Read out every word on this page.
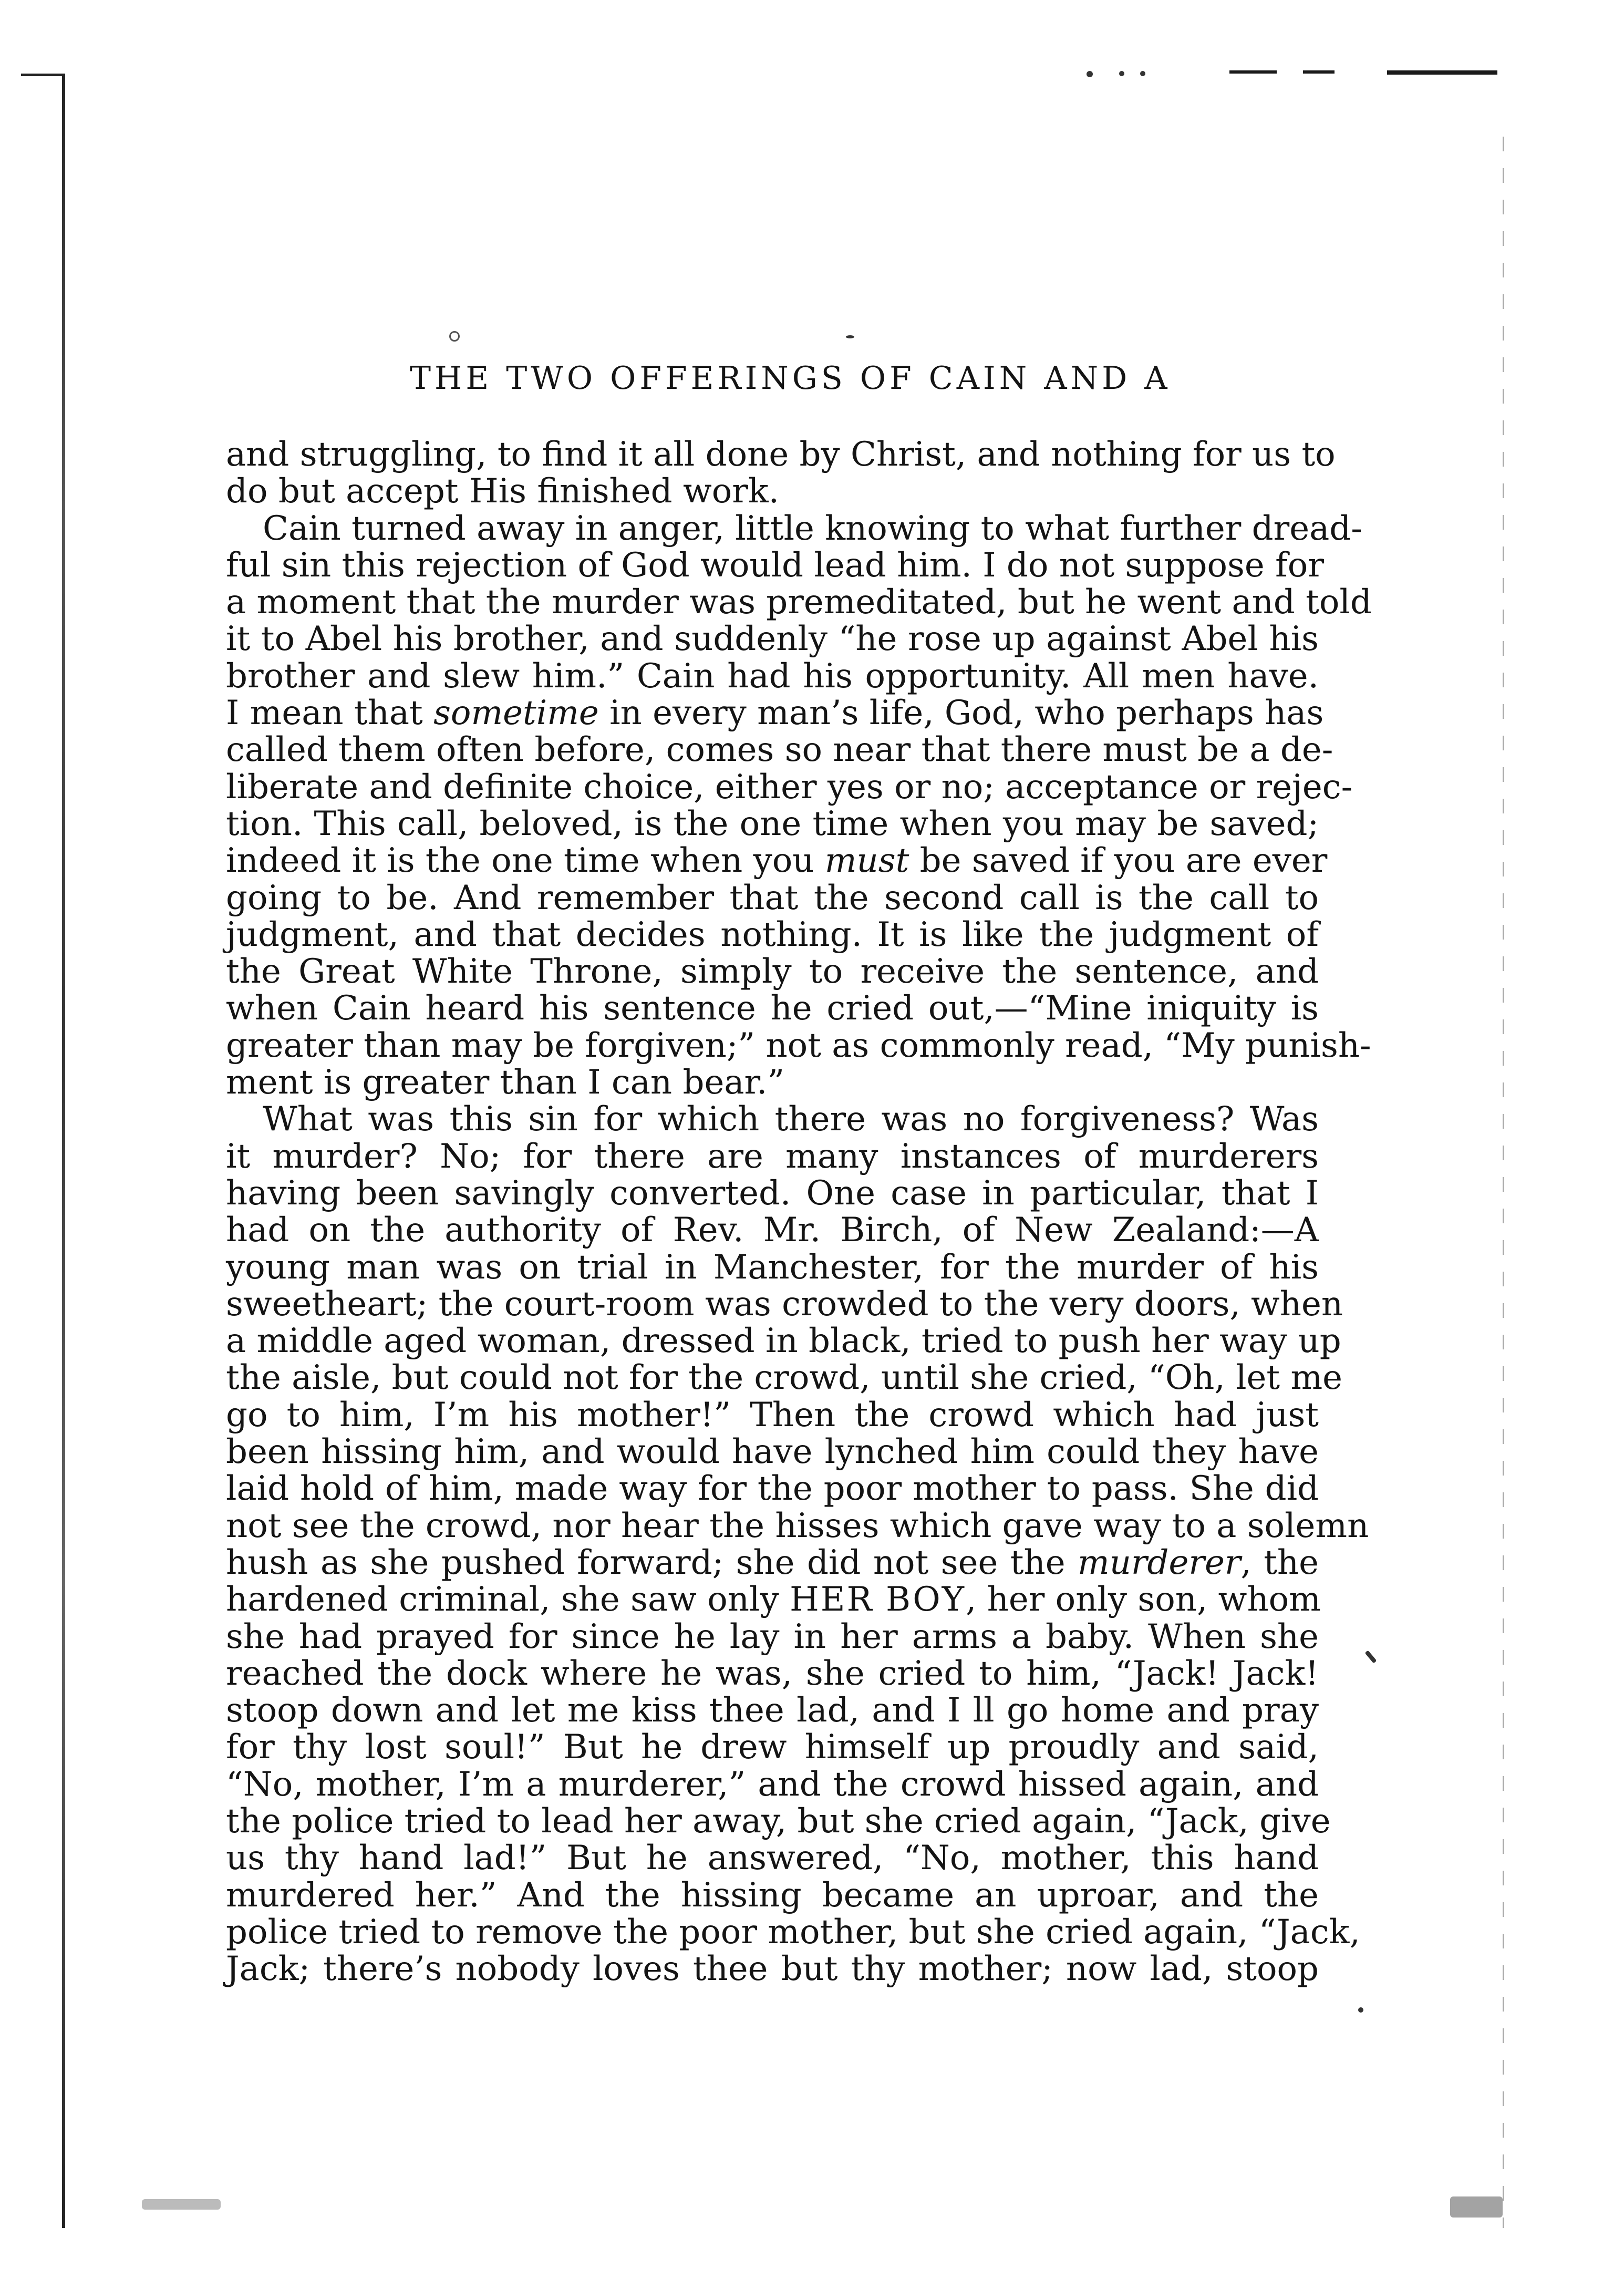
THE TWO OFFERINGS OF CAIN AND A
and struggling, to find it all done by Christ, and nothing for us to
do but accept His finished work.
Cain turned away in anger, little knowing to what further dread-
ful sin this rejection of God would lead him. I do not suppose for
a moment that the murder was premeditated, but he went and told
it to Abel his brother, and suddenly “he rose up against Abel his
brother and slew him.” Cain had his opportunity. All men have.
I mean that sometime in every man’s life, God, who perhaps has
called them often before, comes so near that there must be a de-
liberate and definite choice, either yes or no; acceptance or rejec-
tion. This call, beloved, is the one time when you may be saved;
indeed it is the one time when you must be saved if you are ever
going to be. And remember that the second call is the call to
judgment, and that decides nothing. It is like the judgment of
the Great White Throne, simply to receive the sentence, and
when Cain heard his sentence he cried out,—“Mine iniquity is
greater than may be forgiven;” not as commonly read, “My punish-
ment is greater than I can bear.”
What was this sin for which there was no forgiveness? Was
it murder? No; for there are many instances of murderers
having been savingly converted. One case in particular, that I
had on the authority of Rev. Mr. Birch, of New Zealand:—A
young man was on trial in Manchester, for the murder of his
sweetheart; the court-room was crowded to the very doors, when
a middle aged woman, dressed in black, tried to push her way up
the aisle, but could not for the crowd, until she cried, “Oh, let me
go to him, I’m his mother!” Then the crowd which had just
been hissing him, and would have lynched him could they have
laid hold of him, made way for the poor mother to pass. She did
not see the crowd, nor hear the hisses which gave way to a solemn
hush as she pushed forward; she did not see the murderer, the
hardened criminal, she saw only HER BOY, her only son, whom
she had prayed for since he lay in her arms a baby. When she
reached the dock where he was, she cried to him, “Jack! Jack!
stoop down and let me kiss thee lad, and I ll go home and pray
for thy lost soul!” But he drew himself up proudly and said,
“No, mother, I’m a murderer,” and the crowd hissed again, and
the police tried to lead her away, but she cried again, “Jack, give
us thy hand lad!” But he answered, “No, mother, this hand
murdered her.” And the hissing became an uproar, and the
police tried to remove the poor mother, but she cried again, “Jack,
Jack; there’s nobody loves thee but thy mother; now lad, stoop
